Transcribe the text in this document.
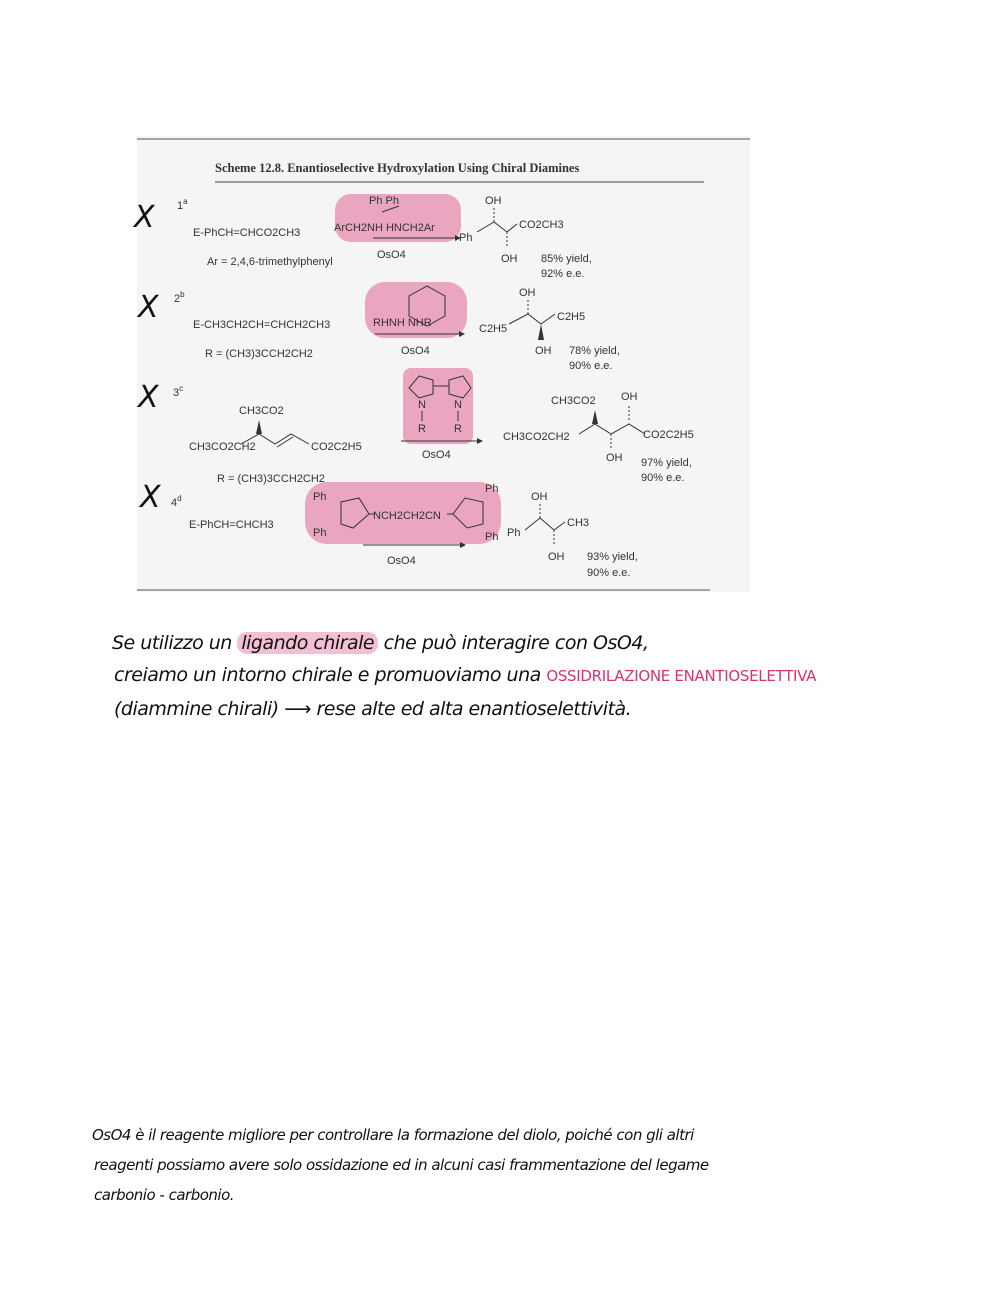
Scheme 12.8. Enantioselective Hydroxylation Using Chiral Diamines
1$^a$
E-PhCH=CHCO2CH3
Ar = 2,4,6-trimethylphenyl
Ph Ph
ArCH2NH HNCH2Ar
OsO4
OH
CO2CH3
Ph
OH 85% yield,
92% e.e.
2$^b$
E-CH3CH2CH=CHCH2CH3
R = (CH3)3CCH2CH2
RHNH NHR
OsO4
OH
C2H5
C2H5
OH 78% yield,
90% e.e.
3$^c$
CH3CO2
CH3CO2CH2	CO2C2H5
R = (CH3)3CCH2CH2
N	N
R	R
OsO4
CH3CO2 OH
CH3CO2CH2	CO2C2H5
OH 97% yield,
90% e.e.
4$^d$
E-PhCH=CHCH3
Ph
Ph
NCH2CH2CN
Ph
Ph
OsO4
OH
CH3
Ph
OH 93% yield,
90% e.e.
X
X
X
X
Se utilizzo un ligando chirale che può interagire con OsO4,
creiamo un intorno chirale e promuoviamo una OSSIDRILAZIONE ENANTIOSELETTIVA
(diammine chirali) ⟶ rese alte ed alta enantioselettività.
OsO4 è il reagente migliore per controllare la formazione del diolo, poiché con gli altri
reagenti possiamo avere solo ossidazione ed in alcuni casi frammentazione del legame
carbonio - carbonio.
